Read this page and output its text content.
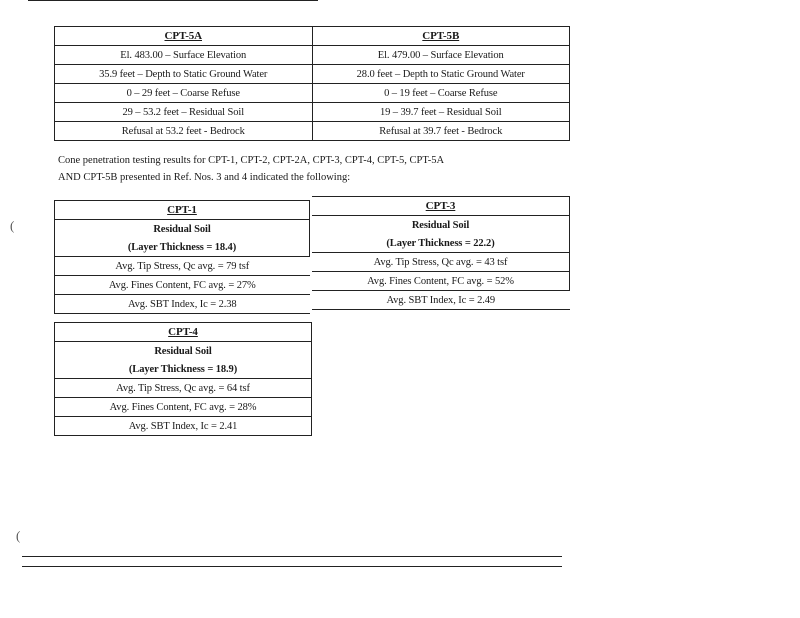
(
(
CPT-5A	CPT-5B
El. 483.00 – Surface Elevation	El. 479.00 – Surface Elevation
35.9 feet – Depth to Static Ground Water	28.0 feet – Depth to Static Ground Water
0 – 29 feet – Coarse Refuse	0 – 19 feet – Coarse Refuse
29 – 53.2 feet – Residual Soil	19 – 39.7 feet – Residual Soil
Refusal at 53.2 feet - Bedrock	Refusal at 39.7 feet - Bedrock
Cone penetration testing results for CPT-1, CPT-2, CPT-2A, CPT-3, CPT-4, CPT-5, CPT-5A
AND CPT-5B presented in Ref. Nos. 3 and 4 indicated the following:
CPT-1
Residual Soil
(Layer Thickness = 18.4)
Avg. Tip Stress, Qc avg. = 79 tsf
Avg. Fines Content, FC avg. = 27%
Avg. SBT Index, Ic = 2.38
CPT-3
Residual Soil
(Layer Thickness = 22.2)
Avg. Tip Stress, Qc avg. = 43 tsf
Avg. Fines Content, FC avg. = 52%
Avg. SBT Index, Ic = 2.49
CPT-4
Residual Soil
(Layer Thickness = 18.9)
Avg. Tip Stress, Qc avg. = 64 tsf
Avg. Fines Content, FC avg. = 28%
Avg. SBT Index, Ic = 2.41
